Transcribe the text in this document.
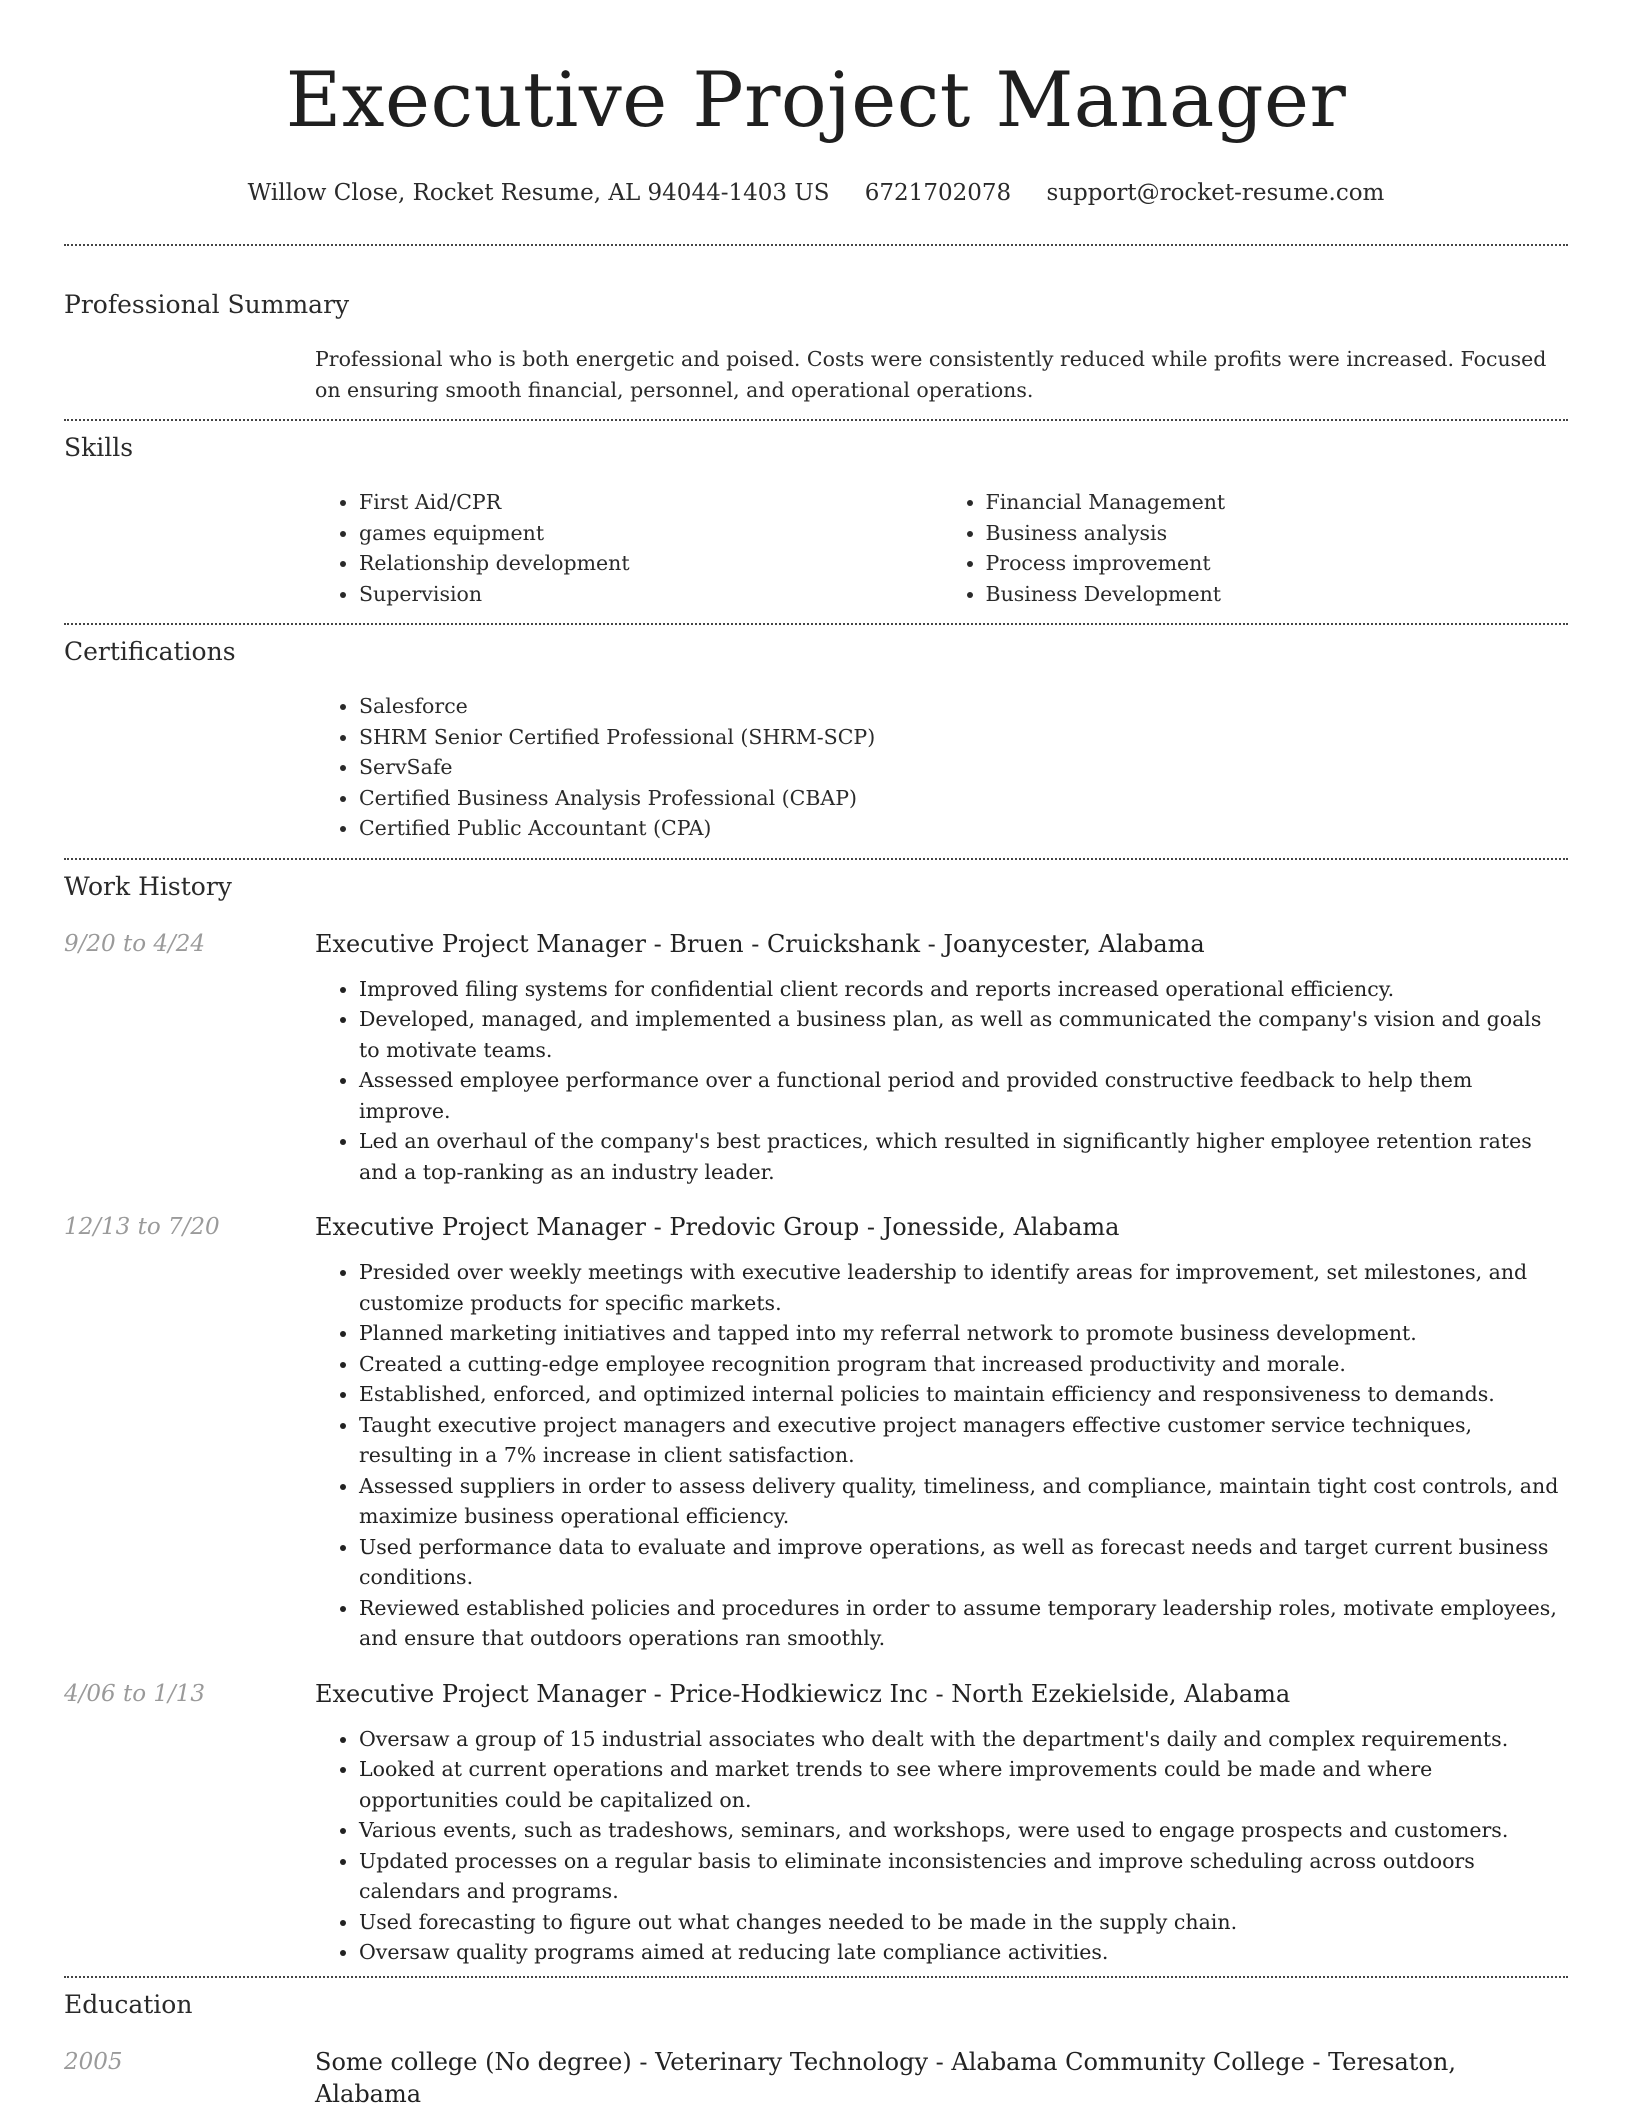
Executive Project Manager
Willow Close, Rocket Resume, AL 94044-1403 US 6721702078 support@rocket-resume.com
Professional Summary
Professional who is both energetic and poised. Costs were consistently reduced while profits were increased. Focused on ensuring smooth financial, personnel, and operational operations.
Skills
• First Aid/CPR
• games equipment
• Relationship development
• Supervision
• Financial Management
• Business analysis
• Process improvement
• Business Development
Certifications
• Salesforce
• SHRM Senior Certified Professional (SHRM-SCP)
• ServSafe
• Certified Business Analysis Professional (CBAP)
• Certified Public Accountant (CPA)
Work History
9/20 to 4/24	Executive Project Manager - Bruen - Cruickshank - Joanycester, Alabama
• Improved filing systems for confidential client records and reports increased operational efficiency.
• Developed, managed, and implemented a business plan, as well as communicated the company's vision and goals to motivate teams.
• Assessed employee performance over a functional period and provided constructive feedback to help them improve.
• Led an overhaul of the company's best practices, which resulted in significantly higher employee retention rates and a top-ranking as an industry leader.
12/13 to 7/20	Executive Project Manager - Predovic Group - Jonesside, Alabama
• Presided over weekly meetings with executive leadership to identify areas for improvement, set milestones, and customize products for specific markets.
• Planned marketing initiatives and tapped into my referral network to promote business development.
• Created a cutting-edge employee recognition program that increased productivity and morale.
• Established, enforced, and optimized internal policies to maintain efficiency and responsiveness to demands.
• Taught executive project managers and executive project managers effective customer service techniques, resulting in a 7% increase in client satisfaction.
• Assessed suppliers in order to assess delivery quality, timeliness, and compliance, maintain tight cost controls, and maximize business operational efficiency.
• Used performance data to evaluate and improve operations, as well as forecast needs and target current business conditions.
• Reviewed established policies and procedures in order to assume temporary leadership roles, motivate employees, and ensure that outdoors operations ran smoothly.
4/06 to 1/13	Executive Project Manager - Price-Hodkiewicz Inc - North Ezekielside, Alabama
• Oversaw a group of 15 industrial associates who dealt with the department's daily and complex requirements.
• Looked at current operations and market trends to see where improvements could be made and where opportunities could be capitalized on.
• Various events, such as tradeshows, seminars, and workshops, were used to engage prospects and customers.
• Updated processes on a regular basis to eliminate inconsistencies and improve scheduling across outdoors calendars and programs.
• Used forecasting to figure out what changes needed to be made in the supply chain.
• Oversaw quality programs aimed at reducing late compliance activities.
Education
2005	Some college (No degree) - Veterinary Technology - Alabama Community College - Teresaton, Alabama
